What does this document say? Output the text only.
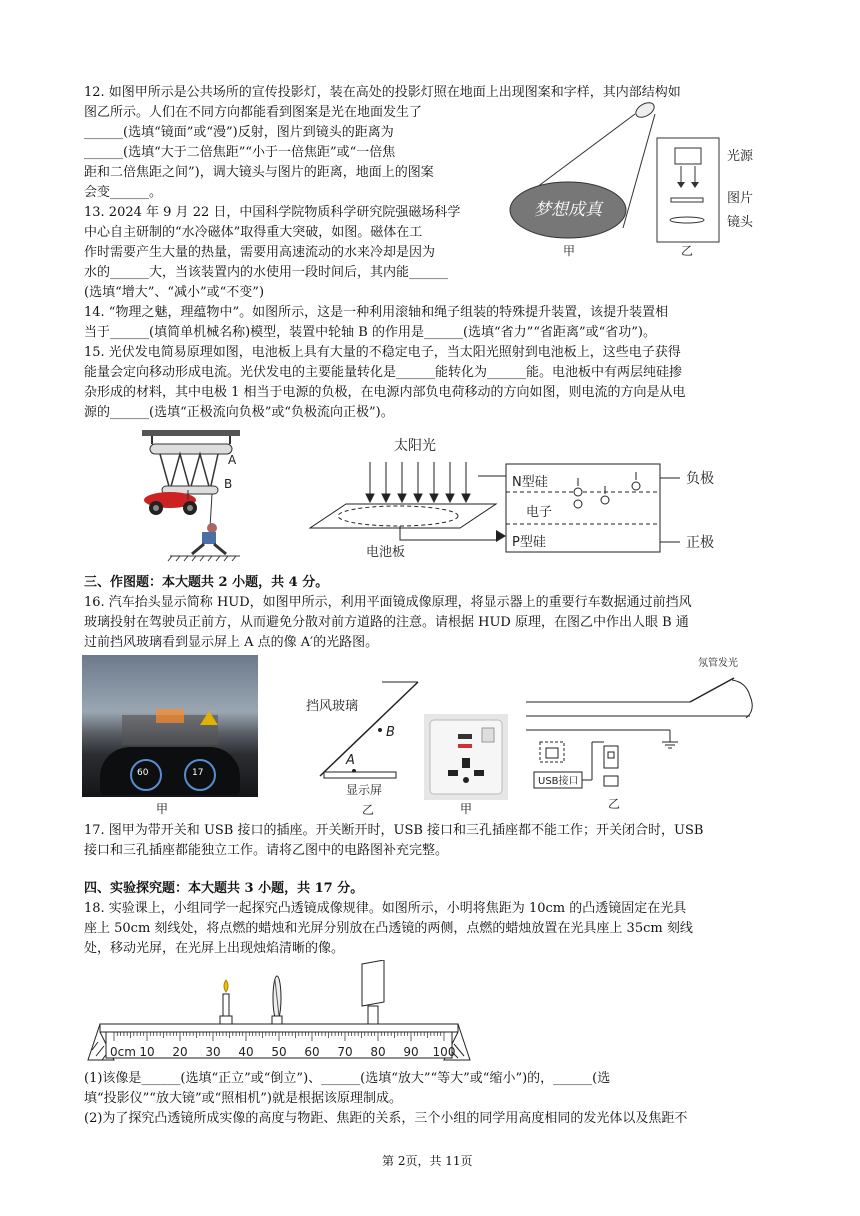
12. 如图甲所示是公共场所的宣传投影灯，装在高处的投影灯照在地面上出现图案和字样，其内部结构如
图乙所示。人们在不同方向都能看到图案是光在地面发生了
______(选填“镜面”或“漫”)反射，图片到镜头的距离为
______(选填“大于二倍焦距”“小于一倍焦距”或“一倍焦
距和二倍焦距之间”)，调大镜头与图片的距离，地面上的图案
会变______。
13. 2024 年 9 月 22 日，中国科学院物质科学研究院强磁场科学
中心自主研制的“水冷磁体”取得重大突破，如图。磁体在工
作时需要产生大量的热量，需要用高速流动的水来冷却是因为
水的______大，当该装置内的水使用一段时间后，其内能______
(选填“增大”、“减小”或“不变”)
梦想成真
甲
光源
图片
镜头
乙
14. “物理之魅，理蕴物中”。如图所示，这是一种利用滚轴和绳子组装的特殊提升装置，该提升装置相
当于______(填简单机械名称)模型，装置中轮轴 B 的作用是______(选填“省力”“省距离”或“省功”)。
15. 光伏发电简易原理如图，电池板上具有大量的不稳定电子，当太阳光照射到电池板上，这些电子获得
能量会定向移动形成电流。光伏发电的主要能量转化是______能转化为______能。电池板中有两层纯硅掺
杂形成的材料，其中电极 1 相当于电源的负极，在电源内部负电荷移动的方向如图，则电流的方向是从电
源的______(选填“正极流向负极”或“负极流向正极”)。
A
B
太阳光
电池板
N型硅
电子
P型硅
负极
正极
三、作图题：本大题共 2 小题，共 4 分。
16. 汽车抬头显示简称 HUD，如图甲所示，利用平面镜成像原理，将显示器上的重要行车数据通过前挡风
玻璃投射在驾驶员正前方，从而避免分散对前方道路的注意。请根据 HUD 原理，在图乙中作出人眼 B 通
过前挡风玻璃看到显示屏上 A 点的像 A′的光路图。
60	17
甲
挡风玻璃
B
A
显示屏
乙	甲
氖管发光
USB接口
乙
17. 图甲为带开关和 USB 接口的插座。开关断开时，USB 接口和三孔插座都不能工作；开关闭合时，USB
接口和三孔插座都能独立工作。请将乙图中的电路图补充完整。
四、实验探究题：本大题共 3 小题，共 17 分。
18. 实验课上，小组同学一起探究凸透镜成像规律。如图所示，小明将焦距为 10cm 的凸透镜固定在光具
座上 50cm 刻线处，将点燃的蜡烛和光屏分别放在凸透镜的两侧，点燃的蜡烛放置在光具座上 35cm 刻线
处，移动光屏，在光屏上出现烛焰清晰的像。
0cm 10 20 30 40 50 60 70 80 90 100
(1)该像是______(选填“正立”或“倒立”)、______(选填“放大”“等大”或“缩小”)的，______(选
填“投影仪”“放大镜”或“照相机”)就是根据该原理制成。
(2)为了探究凸透镜所成实像的高度与物距、焦距的关系，三个小组的同学用高度相同的发光体以及焦距不
第 2页，共 11页
